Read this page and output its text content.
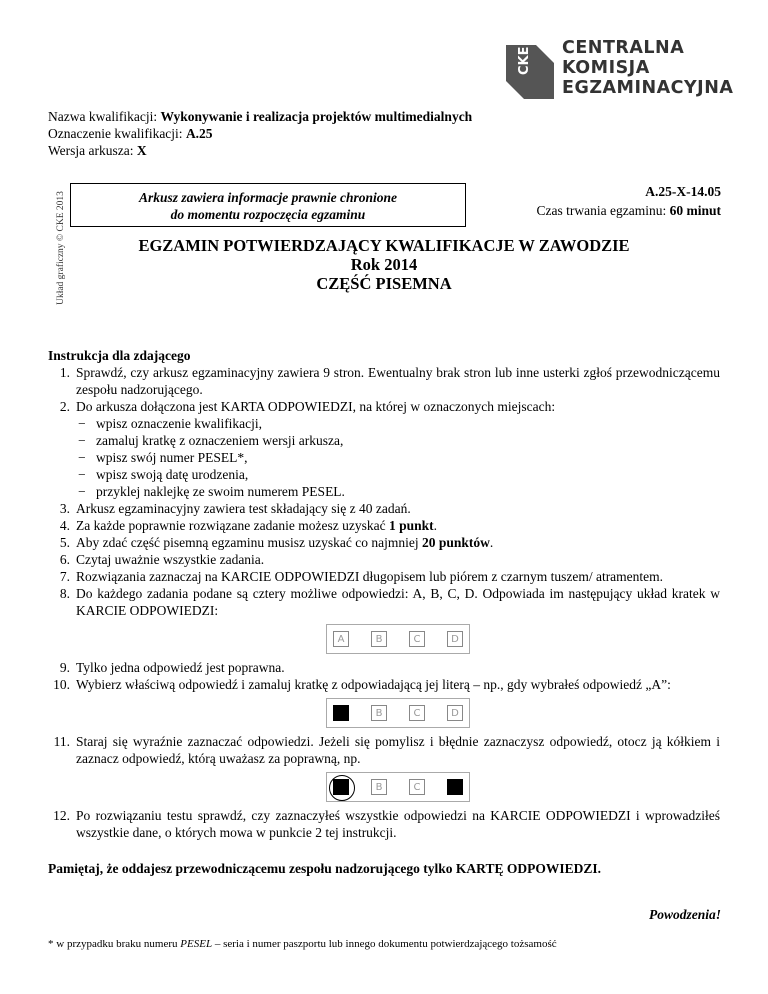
CKE CENTRALNA
KOMISJA
EGZAMINACYJNA
Układ graficzny © CKE 2013
Nazwa kwalifikacji: Wykonywanie i realizacja projektów multimedialnych
Oznaczenie kwalifikacji: A.25
Wersja arkusza: X
Arkusz zawiera informacje prawnie chronione
do momentu rozpoczęcia egzaminu
A.25-X-14.05
Czas trwania egzaminu: 60 minut
EGZAMIN POTWIERDZAJĄCY KWALIFIKACJE W ZAWODZIE
Rok 2014
CZĘŚĆ PISEMNA
Instrukcja dla zdającego
1. Sprawdź, czy arkusz egzaminacyjny zawiera 9 stron. Ewentualny brak stron lub inne usterki zgłoś przewodniczącemu zespołu nadzorującego.
2. Do arkusza dołączona jest KARTA ODPOWIEDZI, na której w oznaczonych miejscach:
− wpisz oznaczenie kwalifikacji,
− zamaluj kratkę z oznaczeniem wersji arkusza,
− wpisz swój numer PESEL*,
− wpisz swoją datę urodzenia,
− przyklej naklejkę ze swoim numerem PESEL.
3. Arkusz egzaminacyjny zawiera test składający się z 40 zadań.
4. Za każde poprawnie rozwiązane zadanie możesz uzyskać 1 punkt.
5. Aby zdać część pisemną egzaminu musisz uzyskać co najmniej 20 punktów.
6. Czytaj uważnie wszystkie zadania.
7. Rozwiązania zaznaczaj na KARCIE ODPOWIEDZI długopisem lub piórem z czarnym tuszem/ atramentem.
8. Do każdego zadania podane są cztery możliwe odpowiedzi: A, B, C, D. Odpowiada im następujący układ kratek w KARCIE ODPOWIEDZI:
A	B	C	D
9. Tylko jedna odpowiedź jest poprawna.
10. Wybierz właściwą odpowiedź i zamaluj kratkę z odpowiadającą jej literą – np., gdy wybrałeś odpowiedź „A”:
B	C	D
11. Staraj się wyraźnie zaznaczać odpowiedzi. Jeżeli się pomylisz i błędnie zaznaczysz odpowiedź, otocz ją kółkiem i zaznacz odpowiedź, którą uważasz za poprawną, np.
B	C
12. Po rozwiązaniu testu sprawdź, czy zaznaczyłeś wszystkie odpowiedzi na KARCIE ODPOWIEDZI i wprowadziłeś wszystkie dane, o których mowa w punkcie 2 tej instrukcji.
Pamiętaj, że oddajesz przewodniczącemu zespołu nadzorującego tylko KARTĘ ODPOWIEDZI.
Powodzenia!
* w przypadku braku numeru PESEL – seria i numer paszportu lub innego dokumentu potwierdzającego tożsamość
